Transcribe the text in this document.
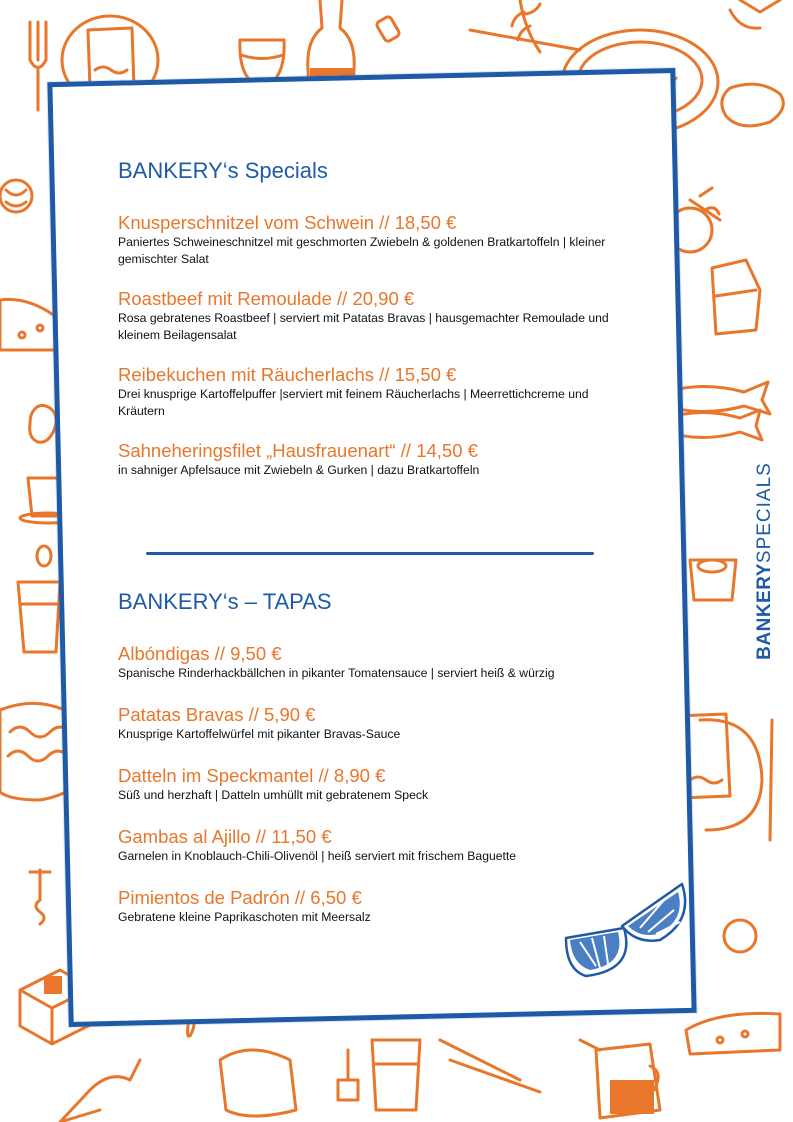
BANKERY‘s Specials

Knusperschnitzel vom Schwein // 18,50 €

Paniertes Schweineschnitzel mit geschmorten Zwiebeln & goldenen Bratkartoffeln | kleiner gemischter Salat

Roastbeef mit Remoulade // 20,90 €

Rosa gebratenes Roastbeef | serviert mit Patatas Bravas | hausgemachter Remoulade und kleinem Beilagensalat

Reibekuchen mit Räucherlachs // 15,50 €

Drei knusprige Kartoffelpuffer |serviert mit feinem Räucherlachs | Meerrettichcreme und Kräutern

Sahneheringsfilet „Hausfrauenart“ // 14,50 €

in sahniger Apfelsauce mit Zwiebeln & Gurken | dazu Bratkartoffeln

BANKERY‘s – TAPAS

Albóndigas // 9,50 €

Spanische Rinderhackbällchen in pikanter Tomatensauce | serviert heiß & würzig

Patatas Bravas // 5,90 €

Knusprige Kartoffelwürfel mit pikanter Bravas-Sauce

Datteln im Speckmantel // 8,90 €

Süß und herzhaft | Datteln umhüllt mit gebratenem Speck

Gambas al Ajillo // 11,50 €

Garnelen in Knoblauch-Chili-Olivenöl | heiß serviert mit frischem Baguette

Pimientos de Padrón // 6,50 €

Gebratene kleine Paprikaschoten mit Meersalz

BANKERYSPECIALS
